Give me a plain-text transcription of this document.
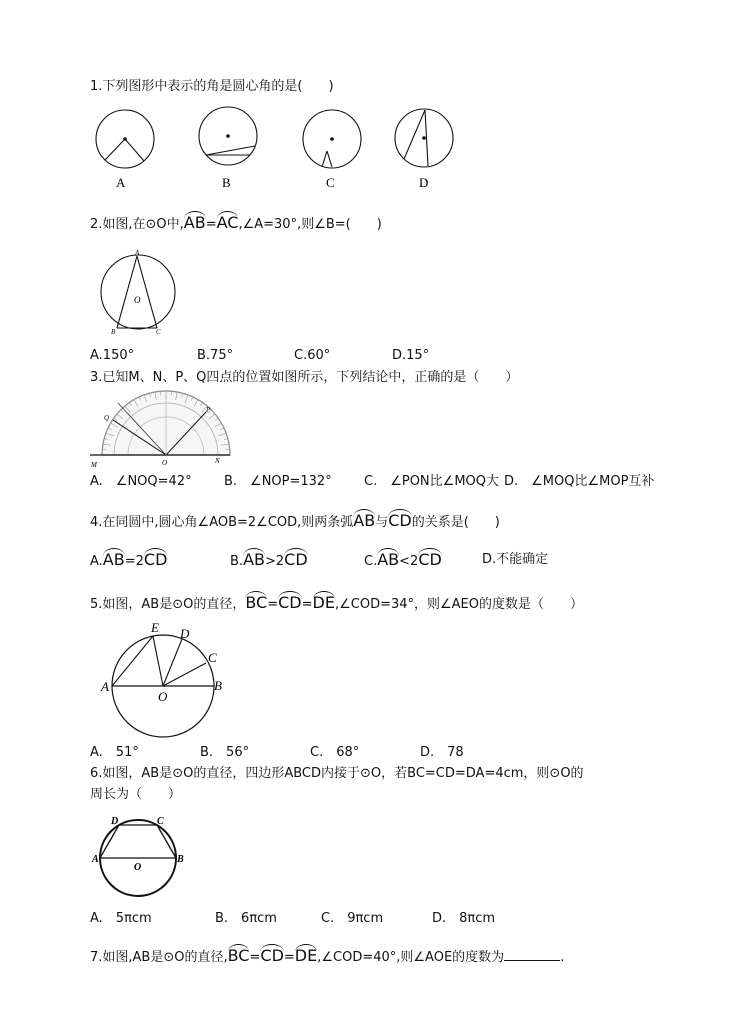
1.下列图形中表示的角是圆心角的是(　　)
A	B	C	D
2.如图,在⊙O中,AB=AC,∠A=30°,则∠B=(　　)
A
B	C
O
A.150°	B.75°	C.60°	D.15°
3.已知M、N、P、Q四点的位置如图所示，下列结论中，正确的是（　　）
M	N
P
Q
O
A.　∠NOQ=42° B.　∠NOP=132° C.　∠PON比∠MOQ大 D.　∠MOQ比∠MOP互补
4.在同圆中,圆心角∠AOB=2∠COD,则两条弧AB与CD的关系是(　　)
A.AB=2CD	B.AB>2CD	C.AB<2CD	D.不能确定
5.如图，AB是⊙O的直径，BC=CD=DE,∠COD=34°，则∠AEO的度数是（　　）
A	B
C
D
E
O
A.　51°	B.　56°	C.　68°	D.　78
6.如图，AB是⊙O的直径，四边形ABCD内接于⊙O，若BC=CD=DA=4cm，则⊙O的
周长为（　　）
A	B
C
D
O
A.　5πcm	B.　6πcm	C.　9πcm	D.　8πcm
7.如图,AB是⊙O的直径,BC=CD=DE,∠COD=40°,则∠AOE的度数为	.
